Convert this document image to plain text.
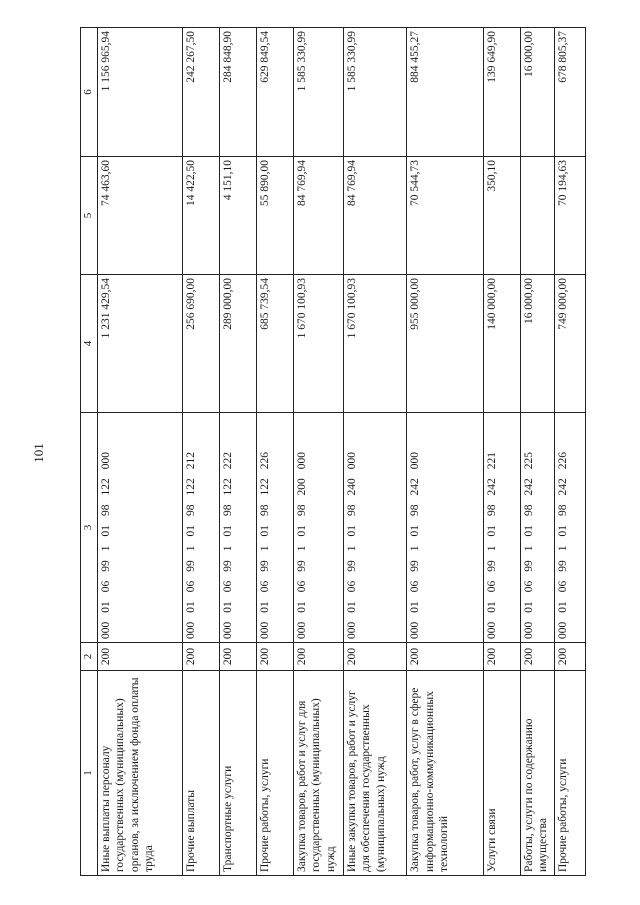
101
1	2	3	4	5	6
Иные выплаты персоналу государственных (муниципальных) органов, за исключением фонда оплаты труда	200	00001069910198122000	1 231 429,54	74 463,60	1 156 965,94
Прочие выплаты	200	00001069910198122212	256 690,00	14 422,50	242 267,50
Транспортные услуги	200	00001069910198122222	289 000,00	4 151,10	284 848,90
Прочие работы, услуги	200	00001069910198122226	685 739,54	55 890,00	629 849,54
Закупка товаров, работ и услуг для государственных (муниципальных) нужд	200	00001069910198200000	1 670 100,93	84 769,94	1 585 330,99
Иные закупки товаров, работ и услуг для обеспечения государственных (муниципальных) нужд	200	00001069910198240000	1 670 100,93	84 769,94	1 585 330,99
Закупка товаров, работ, услуг в сфере информационно-коммуникационных технологий	200	00001069910198242000	955 000,00	70 544,73	884 455,27
Услуги связи	200	00001069910198242221	140 000,00	350,10	139 649,90
Работы, услуги по содержанию имущества	200	00001069910198242225	16 000,00		16 000,00
Прочие работы, услуги	200	00001069910198242226	749 000,00	70 194,63	678 805,37
